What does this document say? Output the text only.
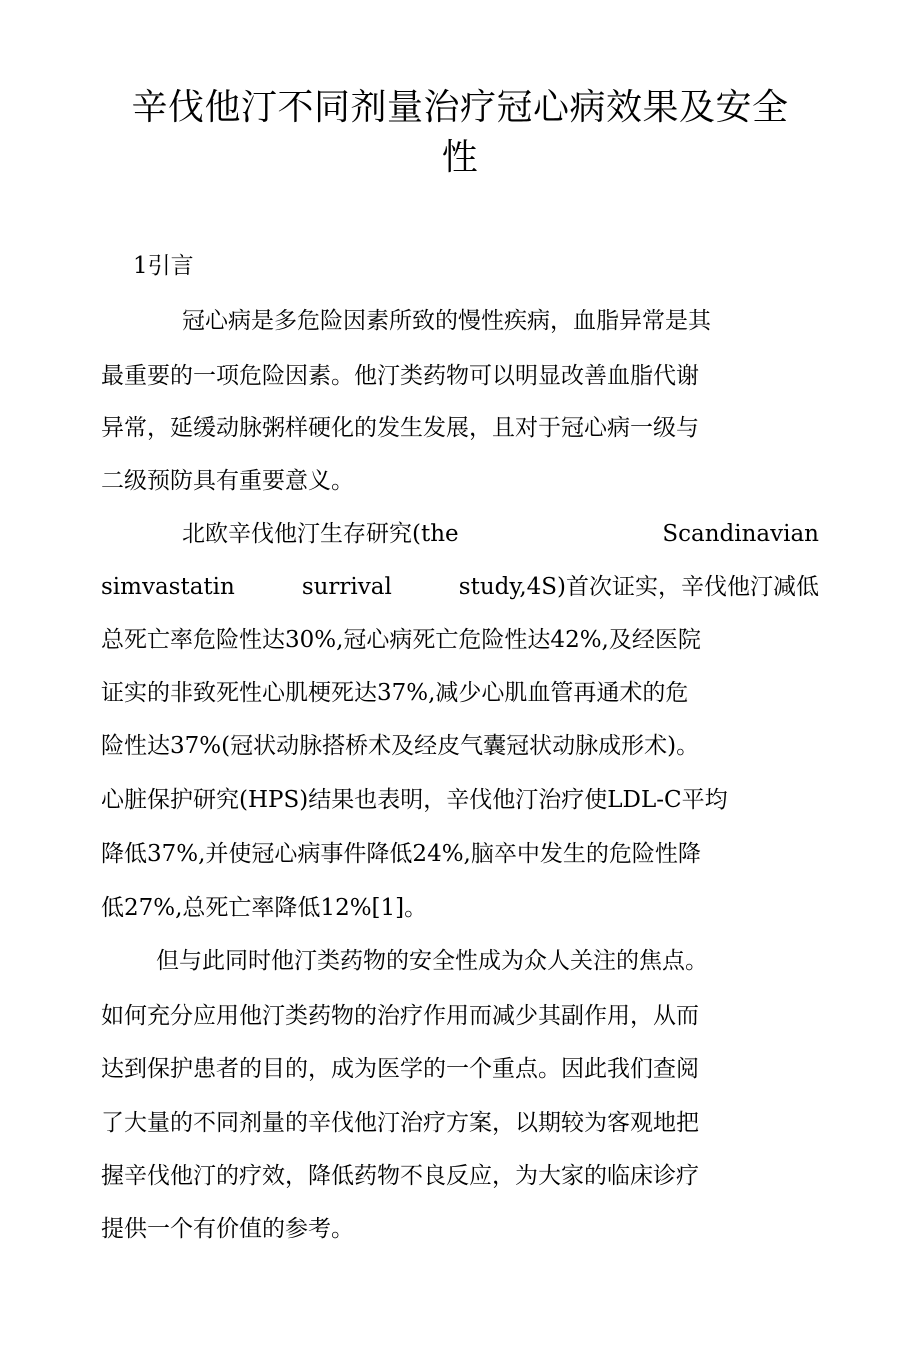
辛伐他汀不同剂量治疗冠心病效果及安全
性
1引言

冠心病是多危险因素所致的慢性疾病，血脂异常是其

最重要的一项危险因素。他汀类药物可以明显改善血脂代谢

异常，延缓动脉粥样硬化的发生发展，且对于冠心病一级与

二级预防具有重要意义。

北欧辛伐他汀生存研究(the	Scandinavian

simvastatin	surrival	study,4S)首次证实，辛伐他汀减低

总死亡率危险性达30%,冠心病死亡危险性达42%,及经医院

证实的非致死性心肌梗死达37%,减少心肌血管再通术的危

险性达37%(冠状动脉搭桥术及经皮气囊冠状动脉成形术)。

心脏保护研究(HPS)结果也表明，辛伐他汀治疗使LDL-C平均

降低37%,并使冠心病事件降低24%,脑卒中发生的危险性降

低27%,总死亡率降低12%[1]。

但与此同时他汀类药物的安全性成为众人关注的焦点。

如何充分应用他汀类药物的治疗作用而减少其副作用，从而

达到保护患者的目的，成为医学的一个重点。因此我们查阅

了大量的不同剂量的辛伐他汀治疗方案，以期较为客观地把

握辛伐他汀的疗效，降低药物不良反应，为大家的临床诊疗

提供一个有价值的参考。
